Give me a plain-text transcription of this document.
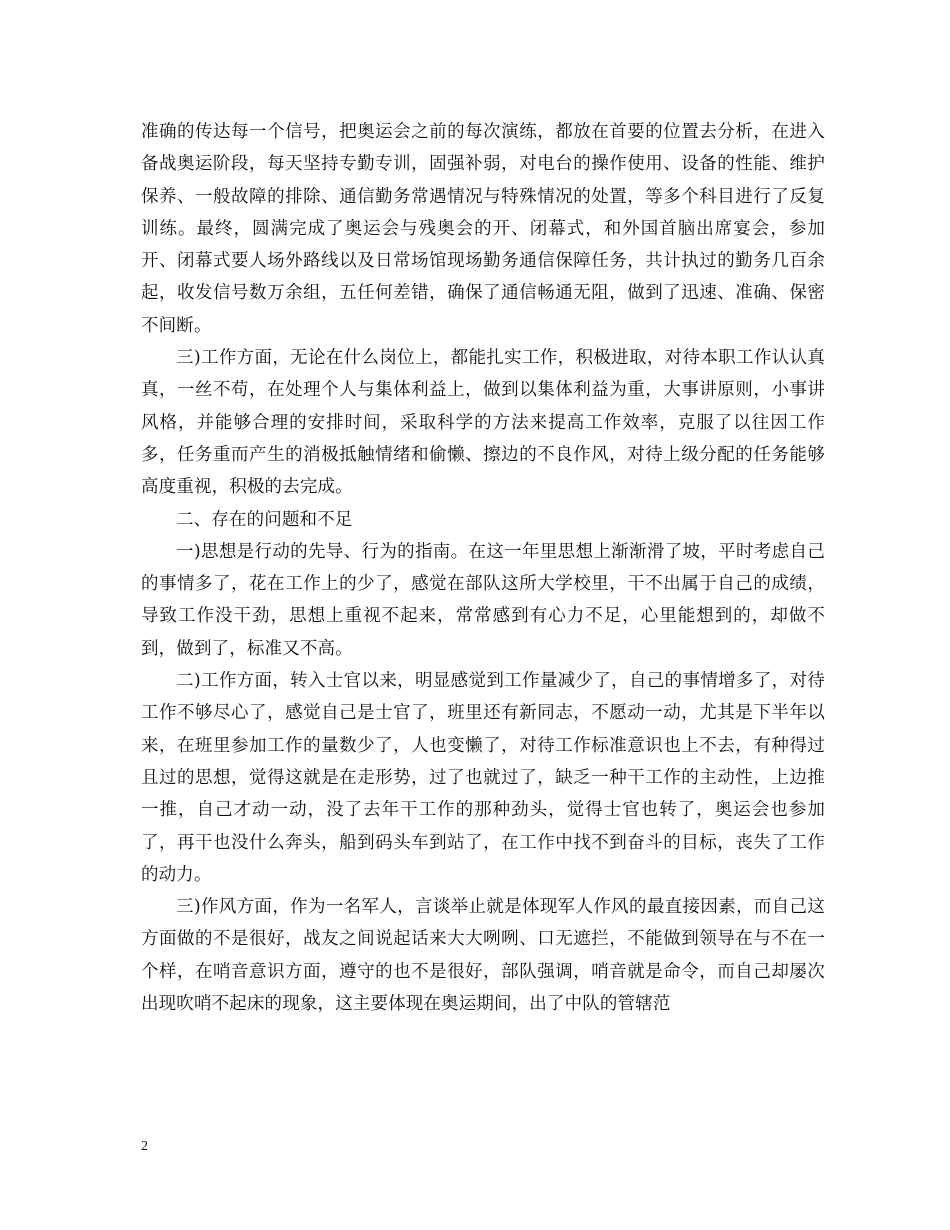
准确的传达每一个信号，把奥运会之前的每次演练，都放在首要的位置去分析，在进入备战奥运阶段，每天坚持专勤专训，固强补弱，对电台的操作使用、设备的性能、维护保养、一般故障的排除、通信勤务常遇情况与特殊情况的处置，等多个科目进行了反复训练。最终，圆满完成了奥运会与残奥会的开、闭幕式，和外国首脑出席宴会，参加开、闭幕式要人场外路线以及日常场馆现场勤务通信保障任务，共计执过的勤务几百余起，收发信号数万余组，五任何差错，确保了通信畅通无阻，做到了迅速、准确、保密不间断。

三)工作方面，无论在什么岗位上，都能扎实工作，积极进取，对待本职工作认认真真，一丝不苟，在处理个人与集体利益上，做到以集体利益为重，大事讲原则，小事讲风格，并能够合理的安排时间，采取科学的方法来提高工作效率，克服了以往因工作多，任务重而产生的消极抵触情绪和偷懒、擦边的不良作风，对待上级分配的任务能够高度重视，积极的去完成。

二、存在的问题和不足

一)思想是行动的先导、行为的指南。在这一年里思想上渐渐滑了坡，平时考虑自己的事情多了，花在工作上的少了，感觉在部队这所大学校里，干不出属于自己的成绩，导致工作没干劲，思想上重视不起来，常常感到有心力不足，心里能想到的，却做不到，做到了，标准又不高。

二)工作方面，转入士官以来，明显感觉到工作量减少了，自己的事情增多了，对待工作不够尽心了，感觉自己是士官了，班里还有新同志，不愿动一动，尤其是下半年以来，在班里参加工作的量数少了，人也变懒了，对待工作标准意识也上不去，有种得过且过的思想，觉得这就是在走形势，过了也就过了，缺乏一种干工作的主动性，上边推一推，自己才动一动，没了去年干工作的那种劲头，觉得士官也转了，奥运会也参加了，再干也没什么奔头，船到码头车到站了，在工作中找不到奋斗的目标，丧失了工作的动力。

三)作风方面，作为一名军人，言谈举止就是体现军人作风的最直接因素，而自己这方面做的不是很好，战友之间说起话来大大咧咧、口无遮拦，不能做到领导在与不在一个样，在哨音意识方面，遵守的也不是很好，部队强调，哨音就是命令，而自己却屡次出现吹哨不起床的现象，这主要体现在奥运期间，出了中队的管辖范

2
